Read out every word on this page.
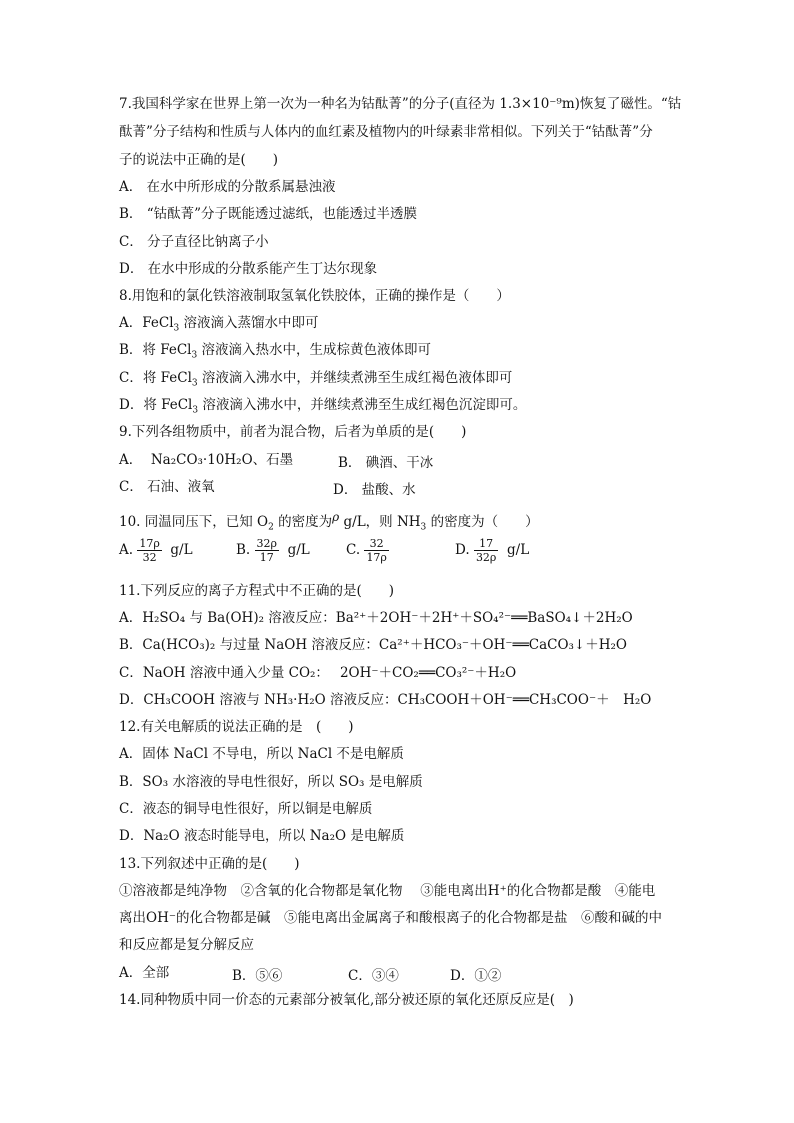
7.我国科学家在世界上第一次为一种名为钴酞菁”的分子(直径为 1.3×10⁻⁹m)恢复了磁性。“钴
酞菁”分子结构和性质与人体内的血红素及植物内的叶绿素非常相似。下列关于“钴酞菁”分
子的说法中正确的是(　　)
A． 在水中所形成的分散系属悬浊液
B． “钴酞菁”分子既能透过滤纸，也能透过半透膜
C． 分子直径比钠离子小
D． 在水中形成的分散系能产生丁达尔现象
8.用饱和的氯化铁溶液制取氢氧化铁胶体，正确的操作是（　　）
A．FeCl$_3$ 溶液滴入蒸馏水中即可
B．将 FeCl$_3$ 溶液滴入热水中，生成棕黄色液体即可
C．将 FeCl$_3$ 溶液滴入沸水中，并继续煮沸至生成红褐色液体即可
D．将 FeCl$_3$ 溶液滴入沸水中，并继续煮沸至生成红褐色沉淀即可。
9.下列各组物质中，前者为混合物，后者为单质的是(　　)
A． Na₂CO₃·10H₂O、石墨	B． 碘酒、干冰
C． 石油、液氧	D． 盐酸、水
10. 同温同压下，已知 $O_2$ 的密度为ρ g/L，则 $NH_3$ 的密度为（　　）
A. $\frac{17\rho}{32} g/L$	B. $\frac{32\rho}{17} g/L$	C. $\frac{32}{17\rho}$	D. $\frac{17}{32\rho} g/L$
11.下列反应的离子方程式中不正确的是(　　)
A．H₂SO₄ 与 Ba(OH)₂ 溶液反应：Ba²⁺＋2OH⁻＋2H⁺＋SO₄²⁻══BaSO₄↓＋2H₂O
B．Ca(HCO₃)₂ 与过量 NaOH 溶液反应：Ca²⁺＋HCO₃⁻＋OH⁻══CaCO₃↓＋H₂O
C．NaOH 溶液中通入少量 CO₂：　 2OH⁻＋CO₂══CO₃²⁻＋H₂O
D．CH₃COOH 溶液与 NH₃·H₂O 溶液反应：CH₃COOH＋OH⁻══CH₃COO⁻＋　H₂O
12.有关电解质的说法正确的是　(　　)
A．固体 NaCl 不导电，所以 NaCl 不是电解质
B．SO₃ 水溶液的导电性很好，所以 SO₃ 是电解质
C．液态的铜导电性很好，所以铜是电解质
D．Na₂O 液态时能导电，所以 Na₂O 是电解质
13.下列叙述中正确的是(　　)
①溶液都是纯净物　②含氧的化合物都是氧化物　 ③能电离出H⁺的化合物都是酸　④能电
离出OH⁻的化合物都是碱　⑤能电离出金属离子和酸根离子的化合物都是盐　⑥酸和碱的中
和反应都是复分解反应
A．全部	B．⑤⑥	C．③④	D．①②
14.同种物质中同一价态的元素部分被氧化,部分被还原的氧化还原反应是(　)
